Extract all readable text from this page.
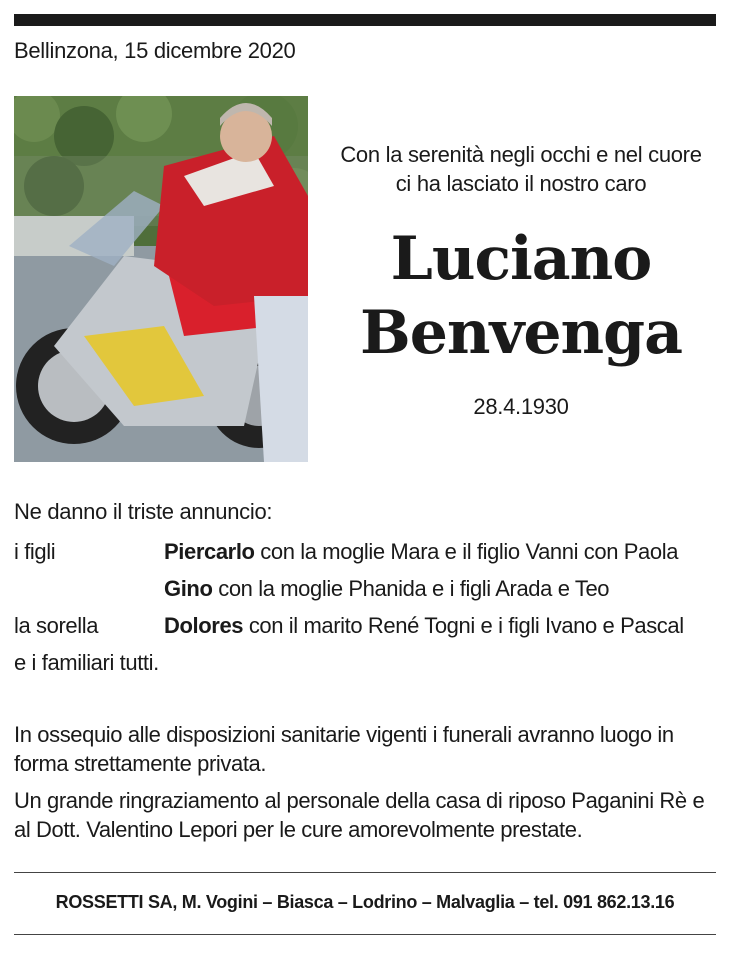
Bellinzona, 15 dicembre 2020
Con la serenità negli occhi e nel cuore
ci ha lasciato il nostro caro
Luciano
Benvenga
28.4.1930
Ne danno il triste annuncio:
i figli	Piercarlo con la moglie Mara e il figlio Vanni con Paola
Gino con la moglie Phanida e i figli Arada e Teo
la sorella	Dolores con il marito René Togni e i figli Ivano e Pascal
e i familiari tutti.

In ossequio alle disposizioni sanitarie vigenti i funerali avranno luogo in forma strettamente privata.

Un grande ringraziamento al personale della casa di riposo Paganini Rè e al Dott. Valentino Lepori per le cure amorevolmente prestate.

ROSSETTI SA, M. Vogini – Biasca – Lodrino – Malvaglia – tel. 091 862.13.16
